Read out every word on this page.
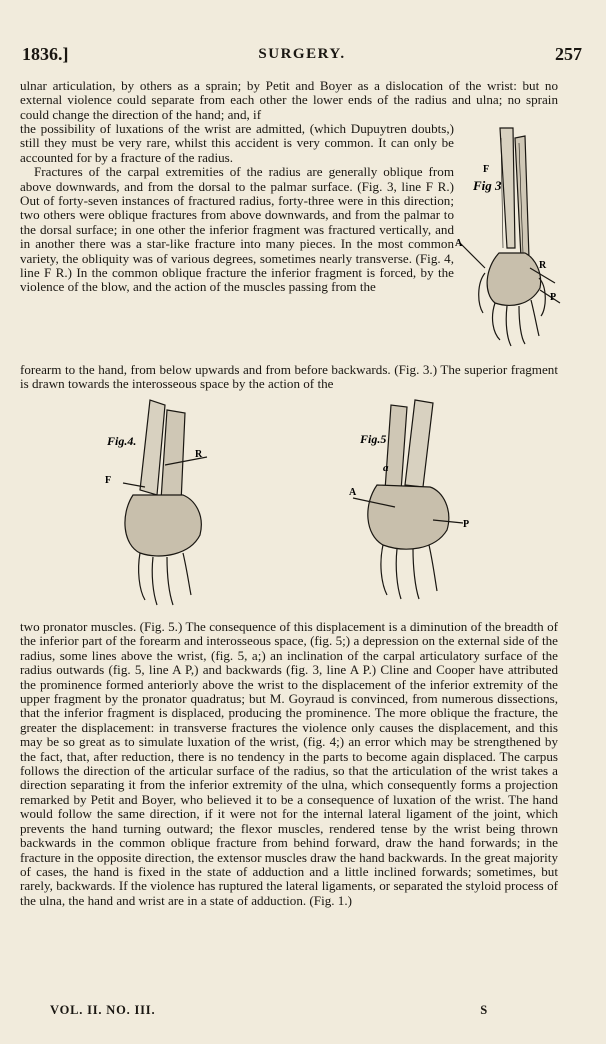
1836.]	SURGERY.	257

ulnar articulation, by others as a sprain; by Petit and Boyer as a dislocation of the wrist: but no external violence could separate from each other the lower ends of the radius and ulna; no sprain could change the direction of the hand; and, if

the possibility of luxations of the wrist are admitted, (which Dupuytren doubts,) still they must be very rare, whilst this accident is very common. It can only be accounted for by a fracture of the radius.

Fractures of the carpal extremities of the radius are generally oblique from above downwards, and from the dorsal to the palmar surface. (Fig. 3, line F R.) Out of forty-seven instances of fractured radius, forty-three were in this direction; two others were oblique fractures from above downwards, and from the palmar to the dorsal surface; in one other the inferior fragment was fractured vertically, and in another there was a star-like fracture into many pieces. In the most common variety, the obliquity was of various degrees, sometimes nearly transverse. (Fig. 4, line F R.) In the common oblique fracture the inferior fragment is forced, by the violence of the blow, and the action of the muscles passing from the

forearm to the hand, from below upwards and from before backwards. (Fig. 3.) The superior fragment is drawn towards the interosseous space by the action of the

Fig 3
F
A
R
P
Fig.4.
R
F
Fig.5
a
A
P

two pronator muscles. (Fig. 5.) The consequence of this displacement is a diminution of the breadth of the inferior part of the forearm and interosseous space, (fig. 5;) a depression on the external side of the radius, some lines above the wrist, (fig. 5, a;) an inclination of the carpal articulatory surface of the radius outwards (fig. 5, line A P,) and backwards (fig. 3, line A P.) Cline and Cooper have attributed the prominence formed anteriorly above the wrist to the displacement of the inferior extremity of the upper fragment by the pronator quadratus; but M. Goyraud is convinced, from numerous dissections, that the inferior fragment is displaced, producing the prominence. The more oblique the fracture, the greater the displacement: in transverse fractures the violence only causes the displacement, and this may be so great as to simulate luxation of the wrist, (fig. 4;) an error which may be strengthened by the fact, that, after reduction, there is no tendency in the parts to become again displaced. The carpus follows the direction of the articular surface of the radius, so that the articulation of the wrist takes a direction separating it from the inferior extremity of the ulna, which consequently forms a projection remarked by Petit and Boyer, who believed it to be a consequence of luxation of the wrist. The hand would follow the same direction, if it were not for the internal lateral ligament of the joint, which prevents the hand turning outward; the flexor muscles, rendered tense by the wrist being thrown backwards in the common oblique fracture from behind forward, draw the hand forwards; in the fracture in the opposite direction, the extensor muscles draw the hand backwards. In the great majority of cases, the hand is fixed in the state of adduction and a little inclined forwards; sometimes, but rarely, backwards. If the violence has ruptured the lateral ligaments, or separated the styloid process of the ulna, the hand and wrist are in a state of adduction. (Fig. 1.)

VOL. II. NO. III.	S
